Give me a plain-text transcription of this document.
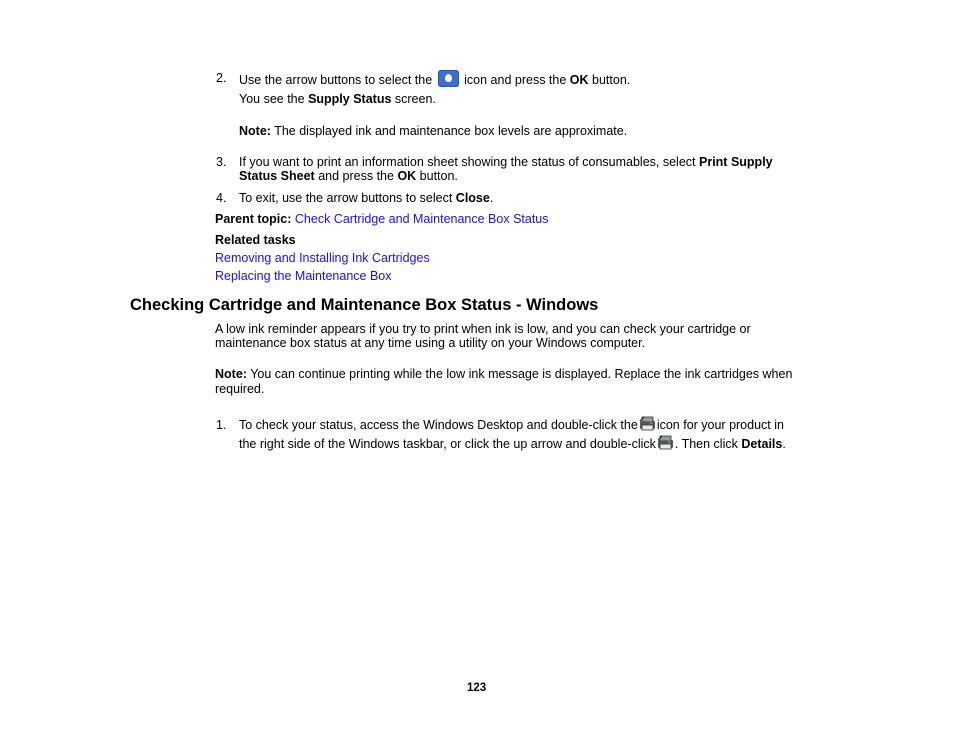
2. Use the arrow buttons to select the	icon and press the OK button.
You see the Supply Status screen.
Note: The displayed ink and maintenance box levels are approximate.
3. If you want to print an information sheet showing the status of consumables, select Print Supply
Status Sheet and press the OK button.
4. To exit, use the arrow buttons to select Close.
Parent topic: Check Cartridge and Maintenance Box Status
Related tasks
Removing and Installing Ink Cartridges
Replacing the Maintenance Box
Checking Cartridge and Maintenance Box Status - Windows
A low ink reminder appears if you try to print when ink is low, and you can check your cartridge or
maintenance box status at any time using a utility on your Windows computer.
Note: You can continue printing while the low ink message is displayed. Replace the ink cartridges when
required.
1. To check your status, access the Windows Desktop and double-click the icon for your product in
the right side of the Windows taskbar, or click the up arrow and double-click . Then click Details.
123
